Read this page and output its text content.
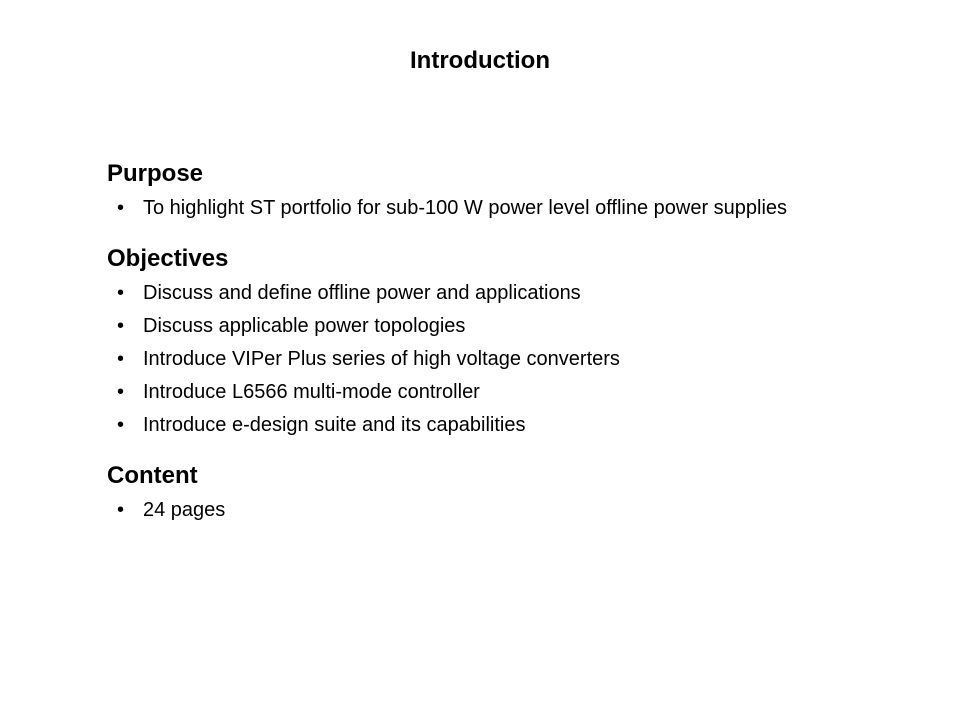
Introduction
Purpose
• To highlight ST portfolio for sub-100 W power level offline power supplies
Objectives
• Discuss and define offline power and applications
• Discuss applicable power topologies
• Introduce VIPer Plus series of high voltage converters
• Introduce L6566 multi-mode controller
• Introduce e-design suite and its capabilities
Content
• 24 pages
